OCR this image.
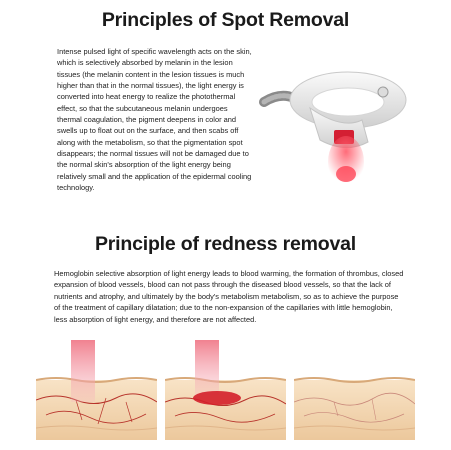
Principles of Spot Removal
Intense pulsed light of specific wavelength acts on the skin, which is selectively absorbed by melanin in the lesion tissues (the melanin content in the lesion tissues is much higher than that in the normal tissues), the light energy is converted into heat energy to realize the photothermal effect, so that the subcutaneous melanin undergoes thermal coagulation, the pigment deepens in color and swells up to float out on the surface, and then scabs off along with the metabolism, so that the pigmentation spot disappears; the normal tissues will not be damaged due to the normal skin's absorption of the light energy being relatively small and the application of the epidermal cooling technology.
Principle of redness removal
Hemoglobin selective absorption of light energy leads to blood warming, the formation of thrombus, closed expansion of blood vessels, blood can not pass through the diseased blood vessels, so that the lack of nutrients and atrophy, and ultimately by the body's metabolism metabolism, so as to achieve the purpose of the treatment of capillary dilatation; due to the non-expansion of the capillaries with little hemoglobin, less absorption of light energy, and therefore are not affected.
